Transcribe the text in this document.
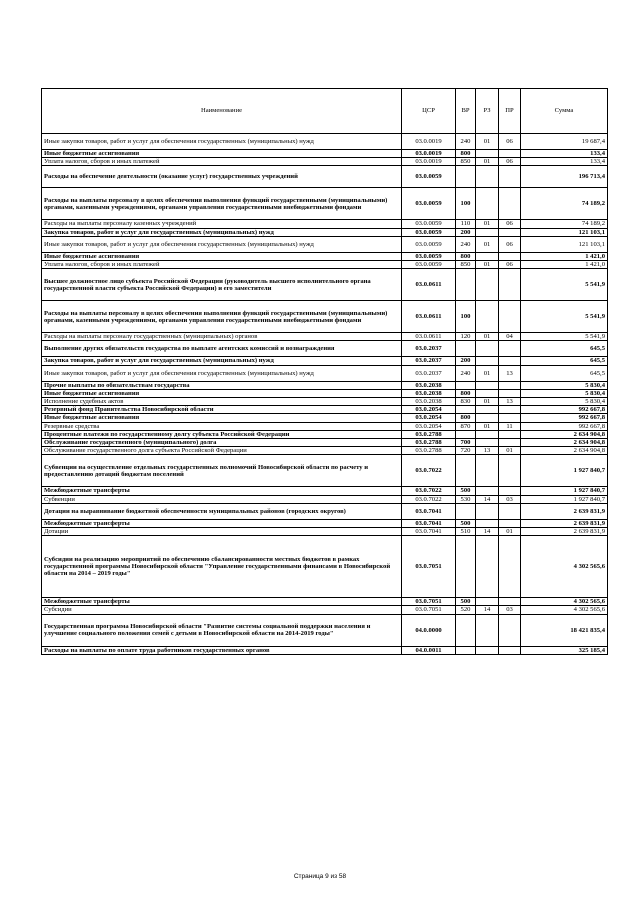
Наименование	ЦСР	ВР	РЗ	ПР	Сумма
Иные закупки товаров, работ и услуг для обеспечения государственных (муниципальных) нужд	03.0.0019	240	01	06	19 687,4
Иные бюджетные ассигнования	03.0.0019	800			133,4
Уплата налогов, сборов и иных платежей	03.0.0019	850	01	06	133,4
Расходы на обеспечение деятельности (оказание услуг) государственных учреждений	03.0.0059				196 713,4
Расходы на выплаты персоналу в целях обеспечения выполнения функций государственными (муниципальными) органами, казенными учреждениями, органами управления государственными внебюджетными фондами	03.0.0059	100			74 189,2
Расходы на выплаты персоналу казенных учреждений	03.0.0059	110	01	06	74 189,2
Закупка товаров, работ и услуг для государственных (муниципальных) нужд	03.0.0059	200			121 103,1
Иные закупки товаров, работ и услуг для обеспечения государственных (муниципальных) нужд	03.0.0059	240	01	06	121 103,1
Иные бюджетные ассигнования	03.0.0059	800			1 421,0
Уплата налогов, сборов и иных платежей	03.0.0059	850	01	06	1 421,0
Высшее должностное лицо субъекта Российской Федерации (руководитель высшего исполнительного органа государственной власти субъекта Российской Федерации) и его заместители	03.0.0611				5 541,9
Расходы на выплаты персоналу в целях обеспечения выполнения функций государственными (муниципальными) органами, казенными учреждениями, органами управления государственными внебюджетными фондами	03.0.0611	100			5 541,9
Расходы на выплаты персоналу государственных (муниципальных) органов	03.0.0611	120	01	04	5 541,9
Выполнение других обязательств государства по выплате агентских комиссий и вознаграждения	03.0.2037				645,5
Закупка товаров, работ и услуг для государственных (муниципальных) нужд	03.0.2037	200			645,5
Иные закупки товаров, работ и услуг для обеспечения государственных (муниципальных) нужд	03.0.2037	240	01	13	645,5
Прочие выплаты по обязательствам государства	03.0.2038				5 830,4
Иные бюджетные ассигнования	03.0.2038	800			5 830,4
Исполнение судебных актов	03.0.2038	830	01	13	5 830,4
Резервный фонд Правительства Новосибирской области	03.0.2054				992 667,8
Иные бюджетные ассигнования	03.0.2054	800			992 667,8
Резервные средства	03.0.2054	870	01	11	992 667,8
Процентные платежи по государственному долгу субъекта Российской Федерации	03.0.2788				2 634 904,8
Обслуживание государственного (муниципального) долга	03.0.2788	700			2 634 904,8
Обслуживание государственного долга субъекта Российской Федерации	03.0.2788	720	13	01	2 634 904,8
Субвенции на осуществление отдельных государственных полномочий Новосибирской области по расчету и предоставлению дотаций бюджетам поселений	03.0.7022				1 927 840,7
Межбюджетные трансферты	03.0.7022	500			1 927 840,7
Субвенции	03.0.7022	530	14	03	1 927 840,7
Дотации на выравнивание бюджетной обеспеченности муниципальных районов (городских округов)	03.0.7041				2 639 831,9
Межбюджетные трансферты	03.0.7041	500			2 639 831,9
Дотации	03.0.7041	510	14	01	2 639 831,9
Субсидии на реализацию мероприятий по обеспечению сбалансированности местных бюджетов в рамках государственной программы Новосибирской области "Управление государственными финансами в Новосибирской области на 2014 – 2019 годы"	03.0.7051				4 302 565,6
Межбюджетные трансферты	03.0.7051	500			4 302 565,6
Субсидии	03.0.7051	520	14	03	4 302 565,6
Государственная программа Новосибирской области "Развитие системы социальной поддержки населения и улучшение социального положения семей с детьми в Новосибирской области на 2014-2019 годы"	04.0.0000				18 421 835,4
Расходы на выплаты по оплате труда работников государственных органов	04.0.0011				325 185,4
Страница 9 из 58
